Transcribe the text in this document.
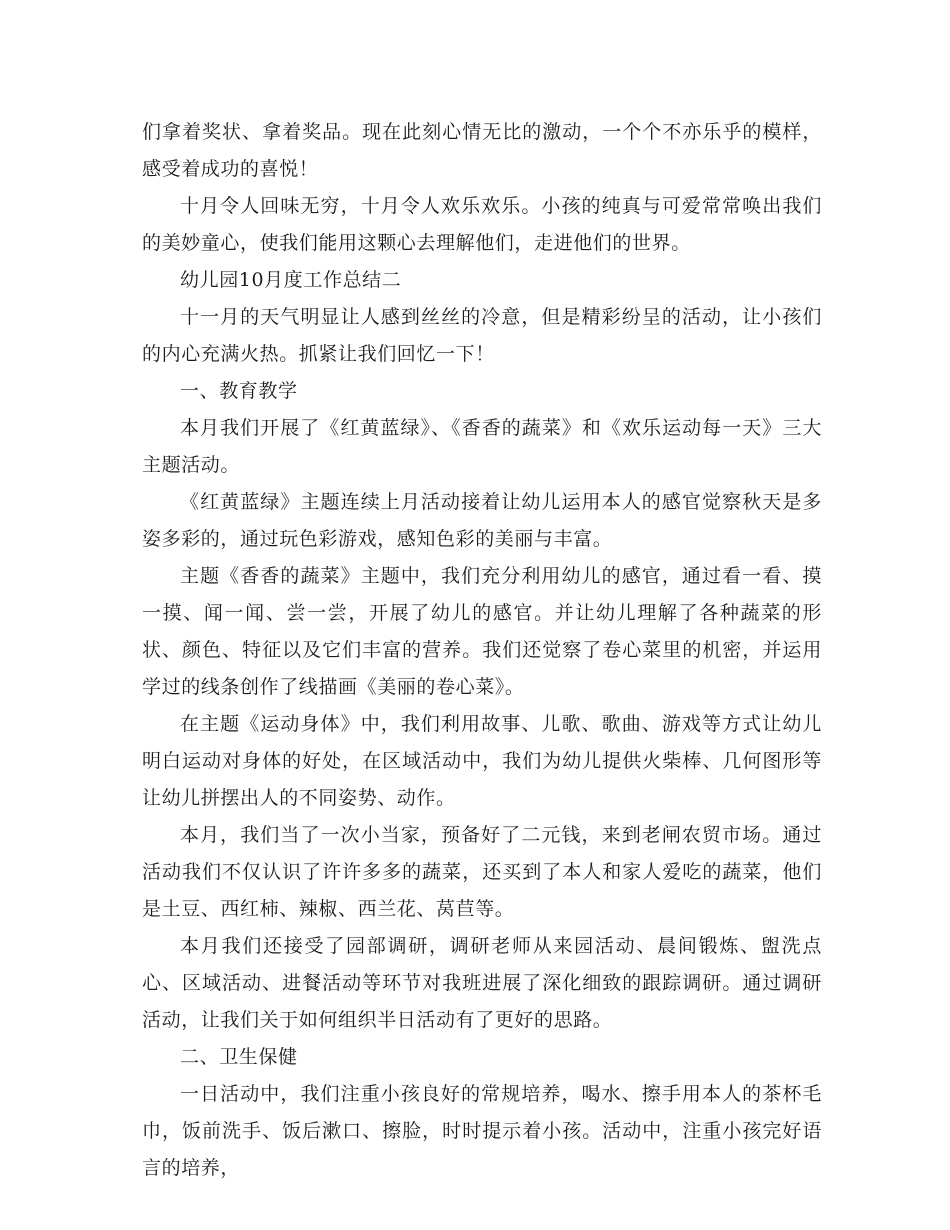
们拿着奖状、拿着奖品。现在此刻心情无比的激动，一个个不亦乐乎的模样，感受着成功的喜悦！

十月令人回味无穷，十月令人欢乐欢乐。小孩的纯真与可爱常常唤出我们的美妙童心，使我们能用这颗心去理解他们，走进他们的世界。

幼儿园10月度工作总结二

十一月的天气明显让人感到丝丝的冷意，但是精彩纷呈的活动，让小孩们的内心充满火热。抓紧让我们回忆一下！

一、教育教学

本月我们开展了《红黄蓝绿》、《香香的蔬菜》和《欢乐运动每一天》三大主题活动。

《红黄蓝绿》主题连续上月活动接着让幼儿运用本人的感官觉察秋天是多姿多彩的，通过玩色彩游戏，感知色彩的美丽与丰富。

主题《香香的蔬菜》主题中，我们充分利用幼儿的感官，通过看一看、摸一摸、闻一闻、尝一尝，开展了幼儿的感官。并让幼儿理解了各种蔬菜的形状、颜色、特征以及它们丰富的营养。我们还觉察了卷心菜里的机密，并运用学过的线条创作了线描画《美丽的卷心菜》。

在主题《运动身体》中，我们利用故事、儿歌、歌曲、游戏等方式让幼儿明白运动对身体的好处，在区域活动中，我们为幼儿提供火柴棒、几何图形等让幼儿拼摆出人的不同姿势、动作。

本月，我们当了一次小当家，预备好了二元钱，来到老闸农贸市场。通过活动我们不仅认识了许许多多的蔬菜，还买到了本人和家人爱吃的蔬菜，他们是土豆、西红柿、辣椒、西兰花、莴苣等。

本月我们还接受了园部调研，调研老师从来园活动、晨间锻炼、盥洗点心、区域活动、进餐活动等环节对我班进展了深化细致的跟踪调研。通过调研活动，让我们关于如何组织半日活动有了更好的思路。

二、卫生保健

一日活动中，我们注重小孩良好的常规培养，喝水、擦手用本人的茶杯毛巾，饭前洗手、饭后漱口、擦脸，时时提示着小孩。活动中，注重小孩完好语言的培养，
